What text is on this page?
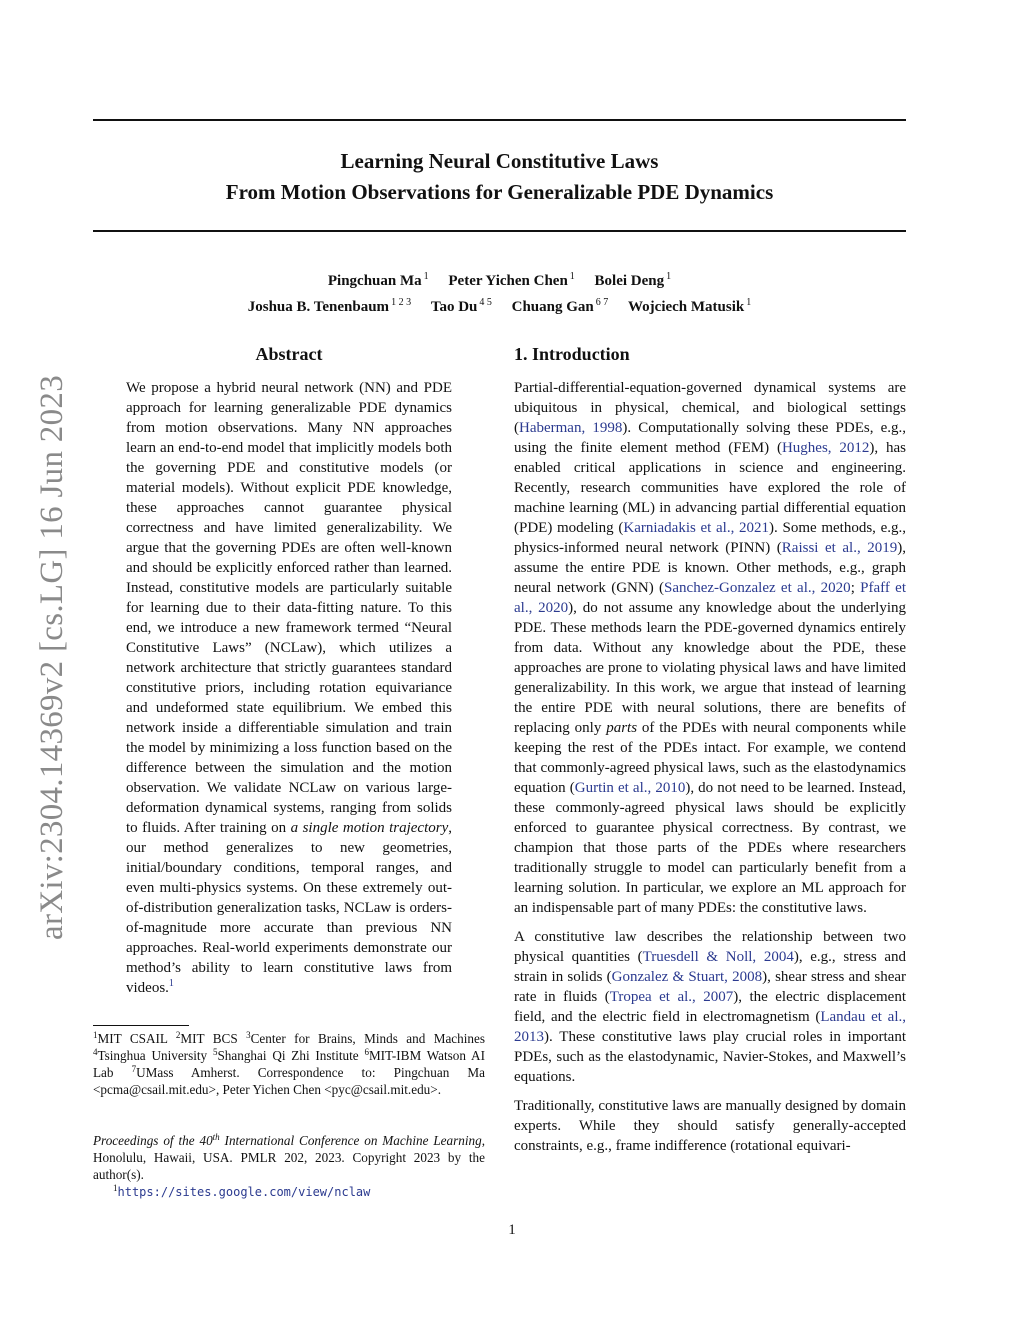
Learning Neural Constitutive Laws
From Motion Observations for Generalizable PDE Dynamics
Pingchuan Ma $^1$ Peter Yichen Chen $^1$ Bolei Deng $^1$
Joshua B. Tenenbaum $^{1 2 3}$ Tao Du $^{4 5}$ Chuang Gan $^{6 7}$ Wojciech Matusik $^1$
arXiv:2304.14369v2 [cs.LG] 16 Jun 2023
Abstract

We propose a hybrid neural network (NN) and PDE approach for learning generalizable PDE dynamics from motion observations. Many NN approaches learn an end-to-end model that implicitly models both the governing PDE and constitutive models (or material models). Without explicit PDE knowledge, these approaches cannot guarantee physical correctness and have limited generalizability. We argue that the governing PDEs are often well-known and should be explicitly enforced rather than learned. Instead, constitutive models are particularly suitable for learning due to their data-fitting nature. To this end, we introduce a new framework termed “Neural Constitutive Laws” (NCLaw), which utilizes a network architecture that strictly guarantees standard constitutive priors, including rotation equivariance and undeformed state equilibrium. We embed this network inside a differentiable simulation and train the model by minimizing a loss function based on the difference between the simulation and the motion observation. We validate NCLaw on various large-deformation dynamical systems, ranging from solids to fluids. After training on a single motion trajectory, our method generalizes to new geometries, initial/boundary conditions, temporal ranges, and even multi-physics systems. On these extremely out-of-distribution generalization tasks, NCLaw is orders-of-magnitude more accurate than previous NN approaches. Real-world experiments demonstrate our method’s ability to learn constitutive laws from videos.$^1$

1. Introduction

Partial-differential-equation-governed dynamical systems are ubiquitous in physical, chemical, and biological settings (Haberman, 1998). Computationally solving these PDEs, e.g., using the finite element method (FEM) (Hughes, 2012), has enabled critical applications in science and engineering. Recently, research communities have explored the role of machine learning (ML) in advancing partial differential equation (PDE) modeling (Karniadakis et al., 2021). Some methods, e.g., physics-informed neural network (PINN) (Raissi et al., 2019), assume the entire PDE is known. Other methods, e.g., graph neural network (GNN) (Sanchez-Gonzalez et al., 2020; Pfaff et al., 2020), do not assume any knowledge about the underlying PDE. These methods learn the PDE-governed dynamics entirely from data. Without any knowledge about the PDE, these approaches are prone to violating physical laws and have limited generalizability. In this work, we argue that instead of learning the entire PDE with neural solutions, there are benefits of replacing only parts of the PDEs with neural components while keeping the rest of the PDEs intact. For example, we contend that commonly-agreed physical laws, such as the elastodynamics equation (Gurtin et al., 2010), do not need to be learned. Instead, these commonly-agreed physical laws should be explicitly enforced to guarantee physical correctness. By contrast, we champion that those parts of the PDEs where researchers traditionally struggle to model can particularly benefit from a learning solution. In particular, we explore an ML approach for an indispensable part of many PDEs: the constitutive laws.

A constitutive law describes the relationship between two physical quantities (Truesdell & Noll, 2004), e.g., stress and strain in solids (Gonzalez & Stuart, 2008), shear stress and shear rate in fluids (Tropea et al., 2007), the electric displacement field, and the electric field in electromagnetism (Landau et al., 2013). These constitutive laws play crucial roles in important PDEs, such as the elastodynamic, Navier-Stokes, and Maxwell’s equations.

Traditionally, constitutive laws are manually designed by domain experts. While they should satisfy generally-accepted constraints, e.g., frame indifference (rotational equivari-

$^1$MIT CSAIL $^2$MIT BCS $^3$Center for Brains, Minds and Machines $^4$Tsinghua University $^5$Shanghai Qi Zhi Institute $^6$MIT-IBM Watson AI Lab $^7$UMass Amherst. Correspondence to: Pingchuan Ma <pcma@csail.mit.edu>, Peter Yichen Chen <pyc@csail.mit.edu>.

Proceedings of the 40th International Conference on Machine Learning, Honolulu, Hawaii, USA. PMLR 202, 2023. Copyright 2023 by the author(s).
$^1$https://sites.google.com/view/nclaw
1
